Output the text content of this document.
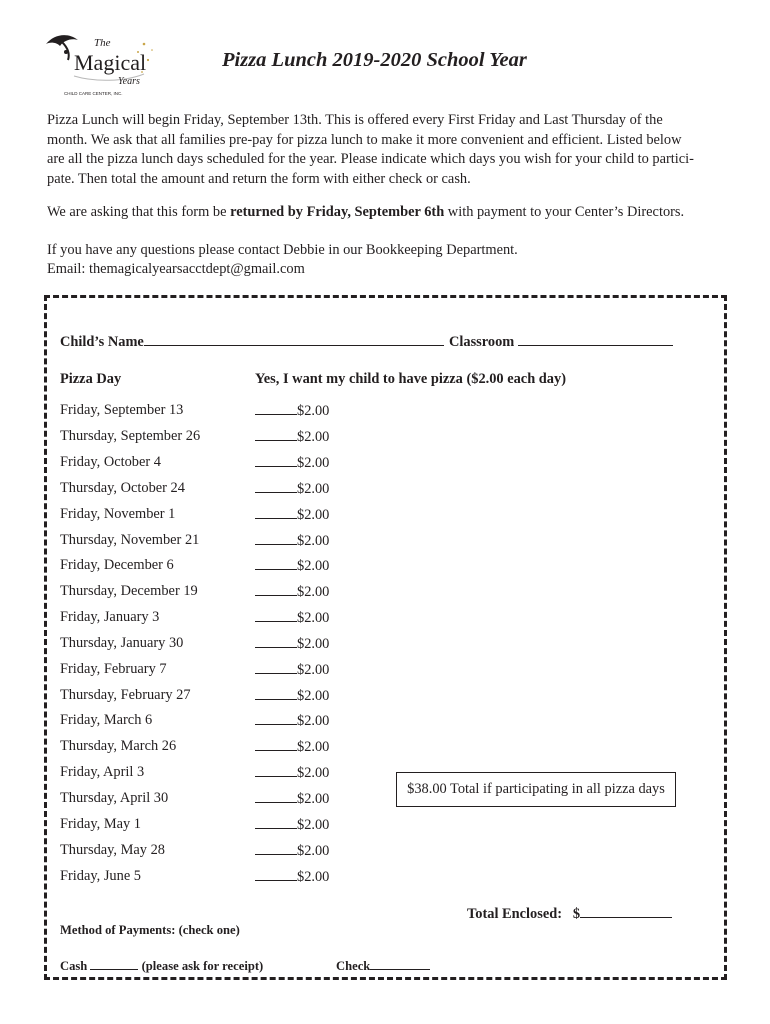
The
Magical
Years
CHILD CARE CENTER, INC.
Pizza Lunch 2019-2020 School Year

Pizza Lunch will begin Friday, September 13th. This is offered every First Friday and Last Thursday of the

month. We ask that all families pre-pay for pizza lunch to make it more convenient and efficient. Listed below

are all the pizza lunch days scheduled for the year. Please indicate which days you wish for your child to partici-

pate. Then total the amount and return the form with either check or cash.

We are asking that this form be returned by Friday, September 6th with payment to your Center’s Directors.
If you have any questions please contact Debbie in our Bookkeeping Department.
Email: themagicalyearsacctdept@gmail.com
Child’s Name	Classroom
Pizza Day	Yes, I want my child to have pizza ($2.00 each day)
Friday, September 13	$2.00
Thursday, September 26	$2.00
Friday, October 4	$2.00
Thursday, October 24	$2.00
Friday, November 1	$2.00
Thursday, November 21	$2.00
Friday, December 6	$2.00
Thursday, December 19	$2.00
Friday, January 3	$2.00
Thursday, January 30	$2.00
Friday, February 7	$2.00
Thursday, February 27	$2.00
Friday, March 6	$2.00
Thursday, March 26	$2.00
Friday, April 3	$2.00
Thursday, April 30	$2.00
Friday, May 1	$2.00
Thursday, May 28	$2.00
Friday, June 5	$2.00
$38.00 Total if participating in all pizza days
Total Enclosed: $
Method of Payments: (check one)
Cash	(please ask for receipt)	Check
